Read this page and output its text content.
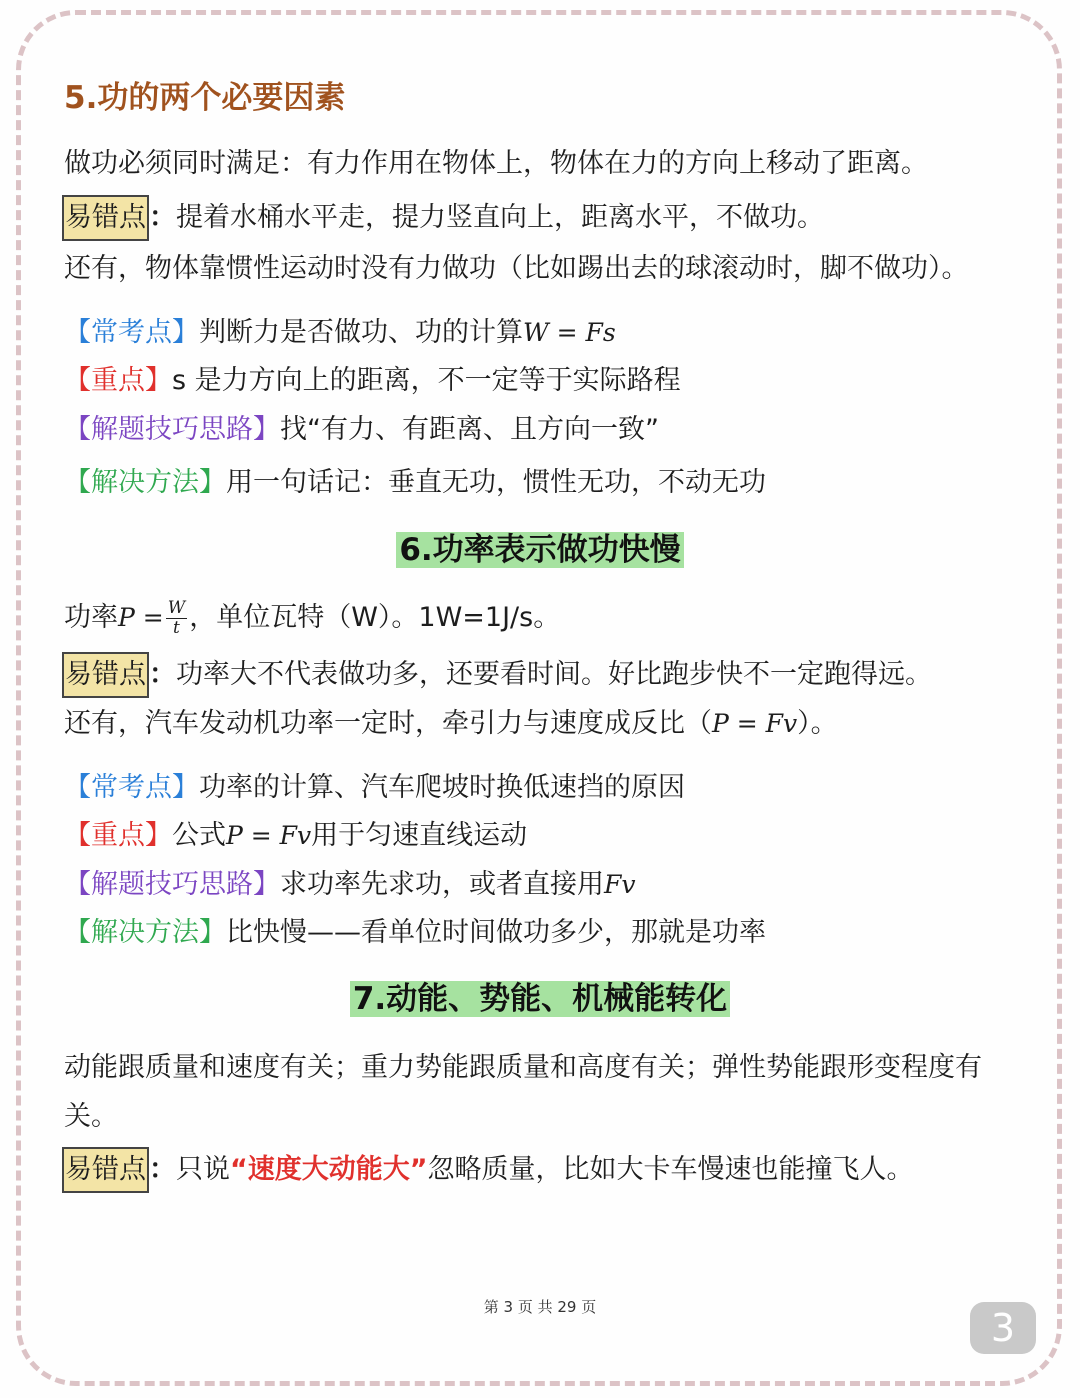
5.功的两个必要因素
做功必须同时满足：有力作用在物体上，物体在力的方向上移动了距离。
易错点 ：提着水桶水平走，提力竖直向上，距离水平，不做功。
还有，物体靠惯性运动时没有力做功（比如踢出去的球滚动时，脚不做功）。
【常考点】判断力是否做功、功的计算W = Fs
【重点】s 是力方向上的距离，不一定等于实际路程
【解题技巧思路】找“有力、有距离、且方向一致”
【解决方法】用一句话记：垂直无功，惯性无功，不动无功
6.功率表示做功快慢
功率$P = \frac{W}{t}$ ，单位瓦特（W）。1W=1J/s。
易错点 ：功率大不代表做功多，还要看时间。好比跑步快不一定跑得远。
还有，汽车发动机功率一定时，牵引力与速度成反比（P = Fv）。
【常考点】功率的计算、汽车爬坡时换低速挡的原因
【重点】公式P = Fv用于匀速直线运动
【解题技巧思路】求功率先求功，或者直接用Fv
【解决方法】比快慢——看单位时间做功多少，那就是功率
7.动能、势能、机械能转化
动能跟质量和速度有关；重力势能跟质量和高度有关；弹性势能跟形变程度有
关。
易错点 ：只说“速度大动能大”忽略质量，比如大卡车慢速也能撞飞人。
第 3 页 共 29 页	3
